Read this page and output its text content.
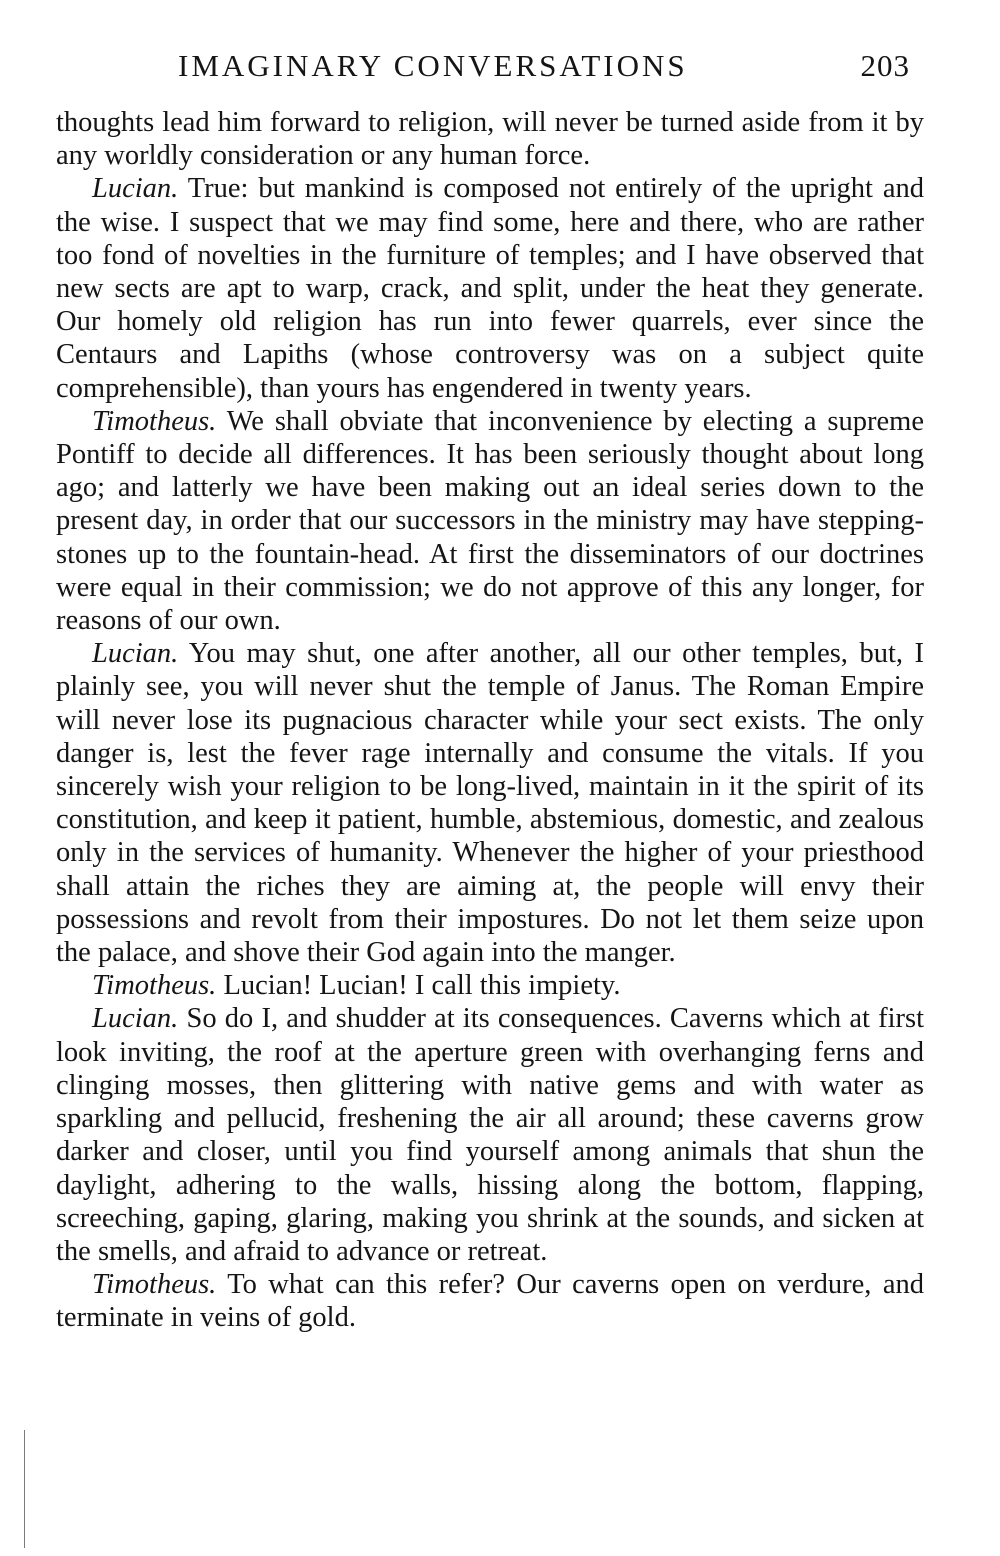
IMAGINARY CONVERSATIONS	203

thoughts lead him forward to religion, will never be turned aside from it by any worldly consideration or any human force.

Lucian. True: but mankind is composed not entirely of the upright and the wise. I suspect that we may find some, here and there, who are rather too fond of novelties in the furniture of temples; and I have observed that new sects are apt to warp, crack, and split, under the heat they generate. Our homely old religion has run into fewer quarrels, ever since the Centaurs and Lapiths (whose controversy was on a subject quite comprehensible), than yours has engendered in twenty years.

Timotheus. We shall obviate that inconvenience by electing a supreme Pontiff to decide all differences. It has been seriously thought about long ago; and latterly we have been making out an ideal series down to the present day, in order that our successors in the ministry may have stepping-stones up to the fountain-head. At first the disseminators of our doctrines were equal in their commission; we do not approve of this any longer, for reasons of our own.

Lucian. You may shut, one after another, all our other temples, but, I plainly see, you will never shut the temple of Janus. The Roman Empire will never lose its pugnacious character while your sect exists. The only danger is, lest the fever rage internally and consume the vitals. If you sincerely wish your religion to be long-lived, maintain in it the spirit of its constitution, and keep it patient, humble, abstemious, domestic, and zealous only in the services of humanity. Whenever the higher of your priesthood shall attain the riches they are aiming at, the people will envy their possessions and revolt from their impostures. Do not let them seize upon the palace, and shove their God again into the manger.

Timotheus. Lucian! Lucian! I call this impiety.

Lucian. So do I, and shudder at its consequences. Caverns which at first look inviting, the roof at the aperture green with overhanging ferns and clinging mosses, then glittering with native gems and with water as sparkling and pellucid, freshening the air all around; these caverns grow darker and closer, until you find yourself among animals that shun the daylight, adhering to the walls, hissing along the bottom, flapping, screeching, gaping, glaring, making you shrink at the sounds, and sicken at the smells, and afraid to advance or retreat.

Timotheus. To what can this refer? Our caverns open on verdure, and terminate in veins of gold.
